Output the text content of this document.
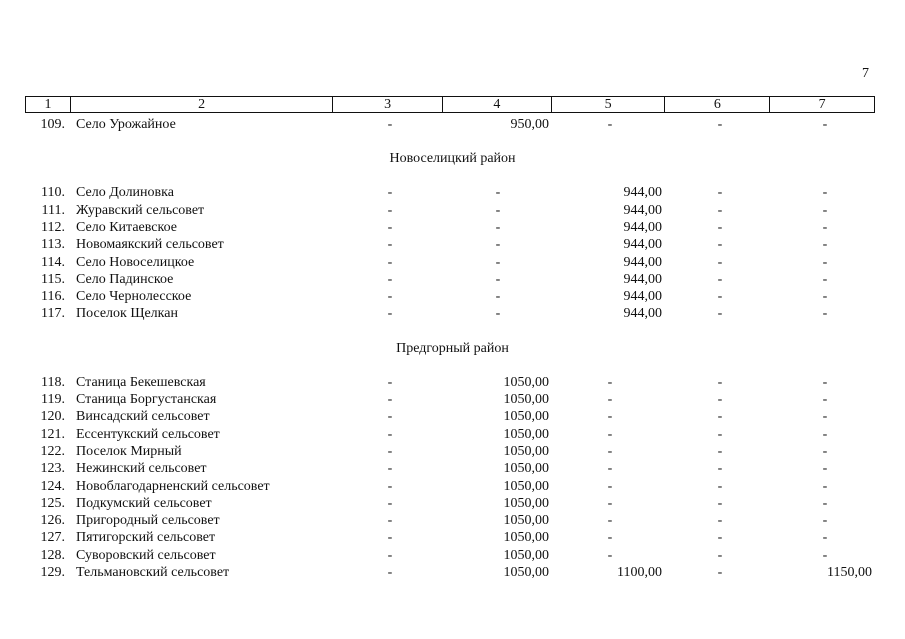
7
1	2	3	4	5	6	7
109. Село Урожайное	-	950,00	-	-	-
Новоселицкий район
110. Село Долиновка	-	-	944,00	-	-
111. Журавский сельсовет	-	-	944,00	-	-
112. Село Китаевское	-	-	944,00	-	-
113. Новомаякский сельсовет	-	-	944,00	-	-
114. Село Новоселицкое	-	-	944,00	-	-
115. Село Падинское	-	-	944,00	-	-
116. Село Чернолесское	-	-	944,00	-	-
117. Поселок Щелкан	-	-	944,00	-	-
Предгорный район
118. Станица Бекешевская	-	1050,00	-	-	-
119. Станица Боргустанская	-	1050,00	-	-	-
120. Винсадский сельсовет	-	1050,00	-	-	-
121. Ессентукский сельсовет	-	1050,00	-	-	-
122. Поселок Мирный	-	1050,00	-	-	-
123. Нежинский сельсовет	-	1050,00	-	-	-
124. Новоблагодарненский сельсовет	-	1050,00	-	-	-
125. Подкумский сельсовет	-	1050,00	-	-	-
126. Пригородный сельсовет	-	1050,00	-	-	-
127. Пятигорский сельсовет	-	1050,00	-	-	-
128. Суворовский сельсовет	-	1050,00	-	-	-
129. Тельмановский сельсовет	-	1050,00	1100,00	-	1150,00
